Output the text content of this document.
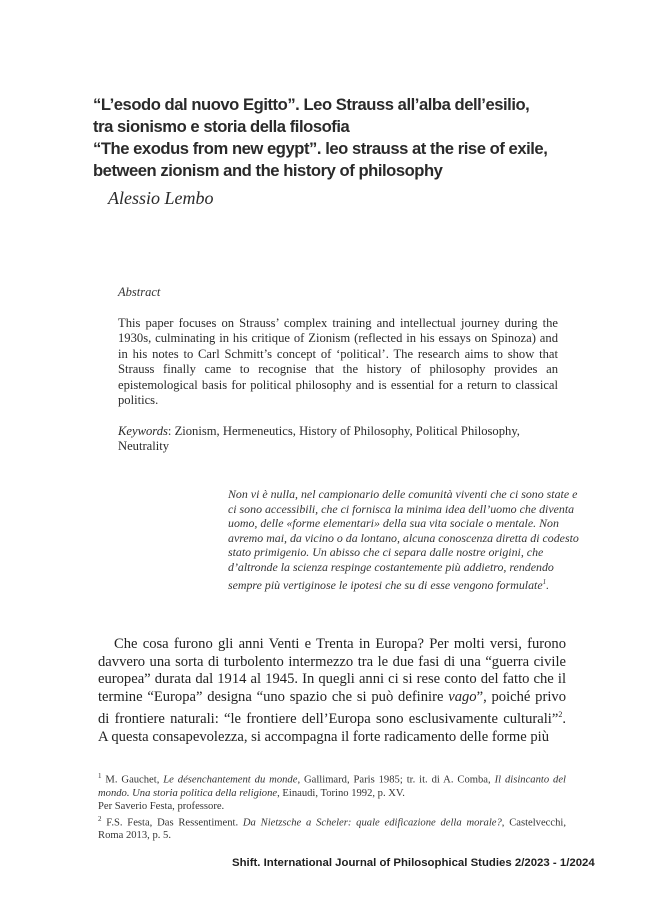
“L’esodo dal nuovo Egitto”. Leo Strauss all’alba dell’esilio,
tra sionismo e storia della filosofia
“The exodus from new egypt”. leo strauss at the rise of exile,
between zionism and the history of philosophy
Alessio Lembo
Abstract
This paper focuses on Strauss’ complex training and intellectual journey during the 1930s, culminating in his critique of Zionism (reflected in his essays on Spinoza) and in his notes to Carl Schmitt’s concept of ‘political’. The research aims to show that Strauss finally came to recognise that the history of philosophy provides an epistemological basis for political philosophy and is essential for a return to classical politics.
Keywords: Zionism, Hermeneutics, History of Philosophy, Political Philosophy, Neutrality
Non vi è nulla, nel campionario delle comunità viventi che ci sono state e ci sono accessibili, che ci fornisca la minima idea dell’uomo che diventa uomo, delle «forme elementari» della sua vita sociale o mentale. Non avremo mai, da vicino o da lontano, alcuna conoscenza diretta di codesto stato primigenio. Un abisso che ci separa dalle nostre origini, che d’altronde la scienza respinge costantemente più addietro, rendendo sempre più vertiginose le ipotesi che su di esse vengono formulate$^1$.
Che cosa furono gli anni Venti e Trenta in Europa? Per molti versi, furono davvero una sorta di turbolento intermezzo tra le due fasi di una “guerra civile europea” durata dal 1914 al 1945. In quegli anni ci si rese conto del fatto che il termine “Europa” designa “uno spazio che si può definire vago”, poiché privo di frontiere naturali: “le frontiere dell’Europa sono esclusivamente culturali”$^2$. A questa consapevolezza, si accompagna il forte radicamento delle forme più

$^1$ M. Gauchet, Le désenchantement du monde, Gallimard, Paris 1985; tr. it. di A. Comba, Il disincanto del mondo. Una storia politica della religione, Einaudi, Torino 1992, p. XV.

Per Saverio Festa, professore.

$^2$ F.S. Festa, Das Ressentiment. Da Nietzsche a Scheler: quale edificazione della morale?, Castelvecchi, Roma 2013, p. 5.

Shift. International Journal of Philosophical Studies 2/2023 - 1/2024
